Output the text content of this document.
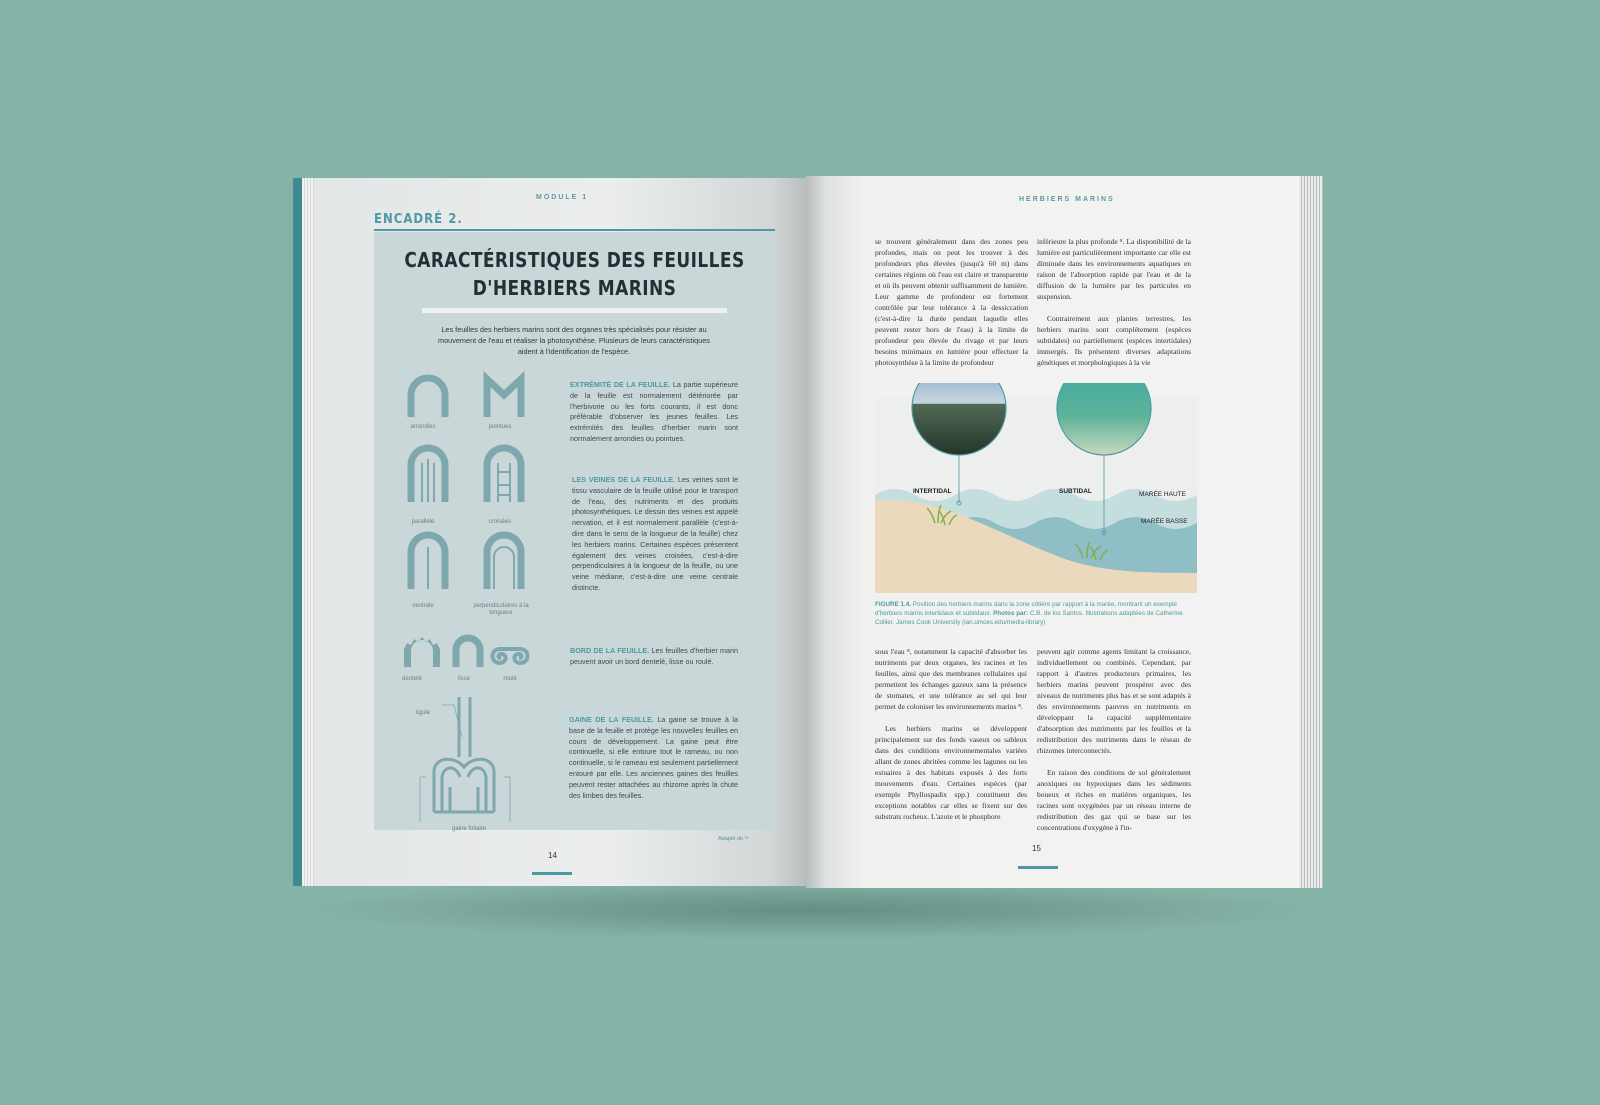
MODULE 1
ENCADRÉ 2.
CARACTÉRISTIQUES DES FEUILLES
D'HERBIERS MARINS
Les feuilles des herbiers marins sont des organes très spécialisés pour résister au mouvement de l'eau et réaliser la photosynthèse. Plusieurs de leurs caractéristiques aident à l'identification de l'espèce.
arrondies	pointues
parallèle	croisées
centrale	perpendiculaires à la longueur
dentelé	lisse	roulé
ligule
gaine foliaire
EXTRÉMITÉ DE LA FEUILLE. La partie supérieure de la feuille est normalement détériorée par l'herbivorie ou les forts courants, il est donc préférable d'observer les jeunes feuilles. Les extrémités des feuilles d'herbier marin sont normalement arrondies ou pointues.
LES VEINES DE LA FEUILLE. Les veines sont le tissu vasculaire de la feuille utilisé pour le transport de l'eau, des nutriments et des produits photosynthétiques. Le dessin des veines est appelé nervation, et il est normalement parallèle (c'est-à-dire dans le sens de la longueur de la feuille) chez les herbiers marins. Certaines espèces présentent également des veines croisées, c'est-à-dire perpendiculaires à la longueur de la feuille, ou une veine médiane, c'est-à-dire une veine centrale distincte.
BORD DE LA FEUILLE. Les feuilles d'herbier marin peuvent avoir un bord dentelé, lisse ou roulé.
GAINE DE LA FEUILLE. La gaine se trouve à la base de la feuille et protège les nouvelles feuilles en cours de développement. La gaine peut être continuelle, si elle entoure tout le rameau, ou non continuelle, si le rameau est seulement partiellement entouré par elle. Les anciennes gaines des feuilles peuvent rester attachées au rhizome après la chute des limbes des feuilles.
Adapté de ¹⁶
14
HERBIERS MARINS

se trouvent généralement dans des zones peu profondes, mais on peut les trouver à des profondeurs plus élevées (jusqu'à 60 m) dans certaines régions où l'eau est claire et transparente et où ils peuvent obtenir suffisamment de lumière. Leur gamme de profondeur est fortement contrôlée par leur tolérance à la dessiccation (c'est-à-dire la durée pendant laquelle elles peuvent rester hors de l'eau) à la limite de profondeur peu élevée du rivage et par leurs besoins minimaux en lumière pour effectuer la photosynthèse à la limite de profondeur

inférieure la plus profonde ⁸. La disponibilité de la lumière est particulièrement importante car elle est diminuée dans les environnements aquatiques en raison de l'absorption rapide par l'eau et de la diffusion de la lumière par les particules en suspension.

Contrairement aux plantes terrestres, les herbiers marins sont complètement (espèces subtidales) ou partiellement (espèces intertidales) immergés. Ils présentent diverses adaptations génétiques et morphologiques à la vie

INTERTIDAL	SUBTIDAL	MARÉE HAUTE
MARÉE BASSE
FIGURE 1.4. Position des herbiers marins dans la zone côtière par rapport à la marée, montrant un exemple d'herbiers marins intertidaux et subtidaux. Photos par: C.B. de los Santos. Illustrations adaptées de Catherine Collier, James Cook University (ian.umces.edu/media-library)

sous l'eau ⁸, notamment la capacité d'absorber les nutriments par deux organes, les racines et les feuilles, ainsi que des membranes cellulaires qui permettent les échanges gazeux sans la présence de stomates, et une tolérance au sel qui leur permet de coloniser les environnements marins ⁸.

Les herbiers marins se développent principalement sur des fonds vaseux ou sableux dans des conditions environnementales variées allant de zones abritées comme les lagunes ou les estuaires à des habitats exposés à des forts mouvements d'eau. Certaines espèces (par exemple Phyllospadix spp.) constituent des exceptions notables car elles se fixent sur des substrats rocheux. L'azote et le phosphore

peuvent agir comme agents limitant la croissance, individuellement ou combinés. Cependant, par rapport à d'autres producteurs primaires, les herbiers marins peuvent prospérer avec des niveaux de nutriments plus bas et se sont adaptés à des environnements pauvres en nutriments en développant la capacité supplémentaire d'absorption des nutriments par les feuilles et la redistribution des nutriments dans le réseau de rhizomes interconnectés.

En raison des conditions de sol généralement anoxiques ou hypoxiques dans les sédiments boueux et riches en matières organiques, les racines sont oxygénées par un réseau interne de redistribution des gaz qui se base sur les concentrations d'oxygène à l'in-

15
